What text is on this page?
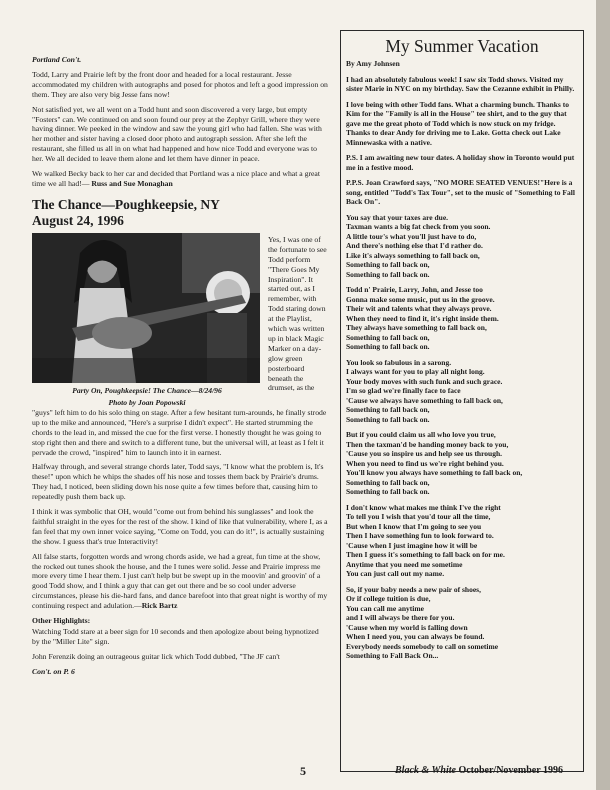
Portland Con't.

Todd, Larry and Prairie left by the front door and headed for a local restaurant. Jesse accommodated my children with autographs and posed for photos and left a good impression on them. They are also very big Jesse fans now!

Not satisfied yet, we all went on a Todd hunt and soon discovered a very large, but empty "Fosters" can. We continued on and soon found our prey at the Zephyr Grill, where they were having dinner. We peeked in the window and saw the young girl who had fallen. She was with her mother and sister having a closed door photo and autograph session. After she left the restaurant, she filled us all in on what had happened and how nice Todd and everyone was to her. We all decided to leave them alone and let them have dinner in peace.

We walked Becky back to her car and decided that Portland was a nice place and what a great time we all had!— Russ and Sue Monaghan

The Chance—Poughkeepsie, NY
August 24, 1996
Party On, Poughkeepsie! The Chance—8/24/96
Photo by Joan Popowski
Yes, I was one of the fortunate to see Todd perform "There Goes My Inspiration". It started out, as I remember, with Todd staring down at the Playlist, which was written up in black Magic Marker on a day-glow green posterboard beneath the drumset, as the

"guys" left him to do his solo thing on stage. After a few hesitant turn-arounds, he finally strode up to the mike and announced, "Here's a surprise I didn't expect". He started strumming the chords to the lead in, and missed the cue for the first verse. I honestly thought he was going to stop right then and there and switch to a different tune, but the universal will, at least as I felt it pervade the crowd, "inspired" him to launch into it in earnest.

Halfway through, and several strange chords later, Todd says, "I know what the problem is, It's these!" upon which he whips the shades off his nose and tosses them back by Prairie's drums. They had, I noticed, been sliding down his nose quite a few times before that, causing him to repeatedly push them back up.

I think it was symbolic that OH, would "come out from behind his sunglasses" and look the faithful straight in the eyes for the rest of the show. I kind of like that vulnerability, where I, as a fan feel that my own inner voice saying, "Come on Todd, you can do it!", is actually sustaining the show. I guess that's true Interactivity!

All false starts, forgotten words and wrong chords aside, we had a great, fun time at the show, the rocked out tunes shook the house, and the I tunes were solid. Jesse and Prairie impress me more every time I hear them. I just can't help but be swept up in the moovin' and groovin' of a good Todd show, and I think a guy that can get out there and be so cool under adverse circumstances, please his die-hard fans, and dance barefoot into that great night is worthy of my continuing respect and adulation.—Rick Bartz

Other Highlights:

Watching Todd stare at a beer sign for 10 seconds and then apologize about being hypnotized by the "Miller Lite" sign.

John Ferenzik doing an outrageous guitar lick which Todd dubbed, "The JF can't

Con't. on P. 6

My Summer Vacation

By Amy Johnsen

I had an absolutely fabulous week! I saw six Todd shows. Visited my sister Marie in NYC on my birthday. Saw the Cezanne exhibit in Philly.

I love being with other Todd fans. What a charming bunch. Thanks to Kim for the "Family is all in the House" tee shirt, and to the guy that gave me the great photo of Todd which is now stuck on my fridge. Thanks to dear Andy for driving me to Lake. Gotta check out Lake Minnewaska with a native.

P.S. I am awaiting new tour dates. A holiday show in Toronto would put me in a festive mood.

P.P.S. Joan Crawford says, "NO MORE SEATED VENUES!"Here is a song, entitled "Todd's Tax Tour", set to the music of "Something to Fall Back On".

You say that your taxes are due.
Taxman wants a big fat check from you soon.
A little tour's what you'll just have to do,
And there's nothing else that I'd rather do.
Like it's always something to fall back on,
Something to fall back on,
Something to fall back on.

Todd n' Prairie, Larry, John, and Jesse too
Gonna make some music, put us in the groove.
Their wit and talents what they always prove.
When they need to find it, it's right inside them.
They always have something to fall back on,
Something to fall back on,
Something to fall back on.

You look so fabulous in a sarong.
I always want for you to play all night long.
Your body moves with such funk and such grace.
I'm so glad we're finally face to face
'Cause we always have something to fall back on,
Something to fall back on,
Something to fall back on.

But if you could claim us all who love you true,
Then the taxman'd be handing money back to you,
'Cause you so inspire us and help see us through.
When you need to find us we're right behind you.
You'll know you always have something to fall back on,
Something to fall back on,
Something to fall back on.

I don't know what makes me think I've the right
To tell you I wish that you'd tour all the time,
But when I know that I'm going to see you
Then I have something fun to look forward to.
'Cause when I just imagine how it will be
Then I guess it's something to fall back on for me.
Anytime that you need me sometime
You can just call out my name.

So, if your baby needs a new pair of shoes,
Or if college tuition is due,
You can call me anytime
and I will always be there for you.
'Cause when my world is falling down
When I need you, you can always be found.
Everybody needs somebody to call on sometime
Something to Fall Back On...

5	Black & White October/November 1996
